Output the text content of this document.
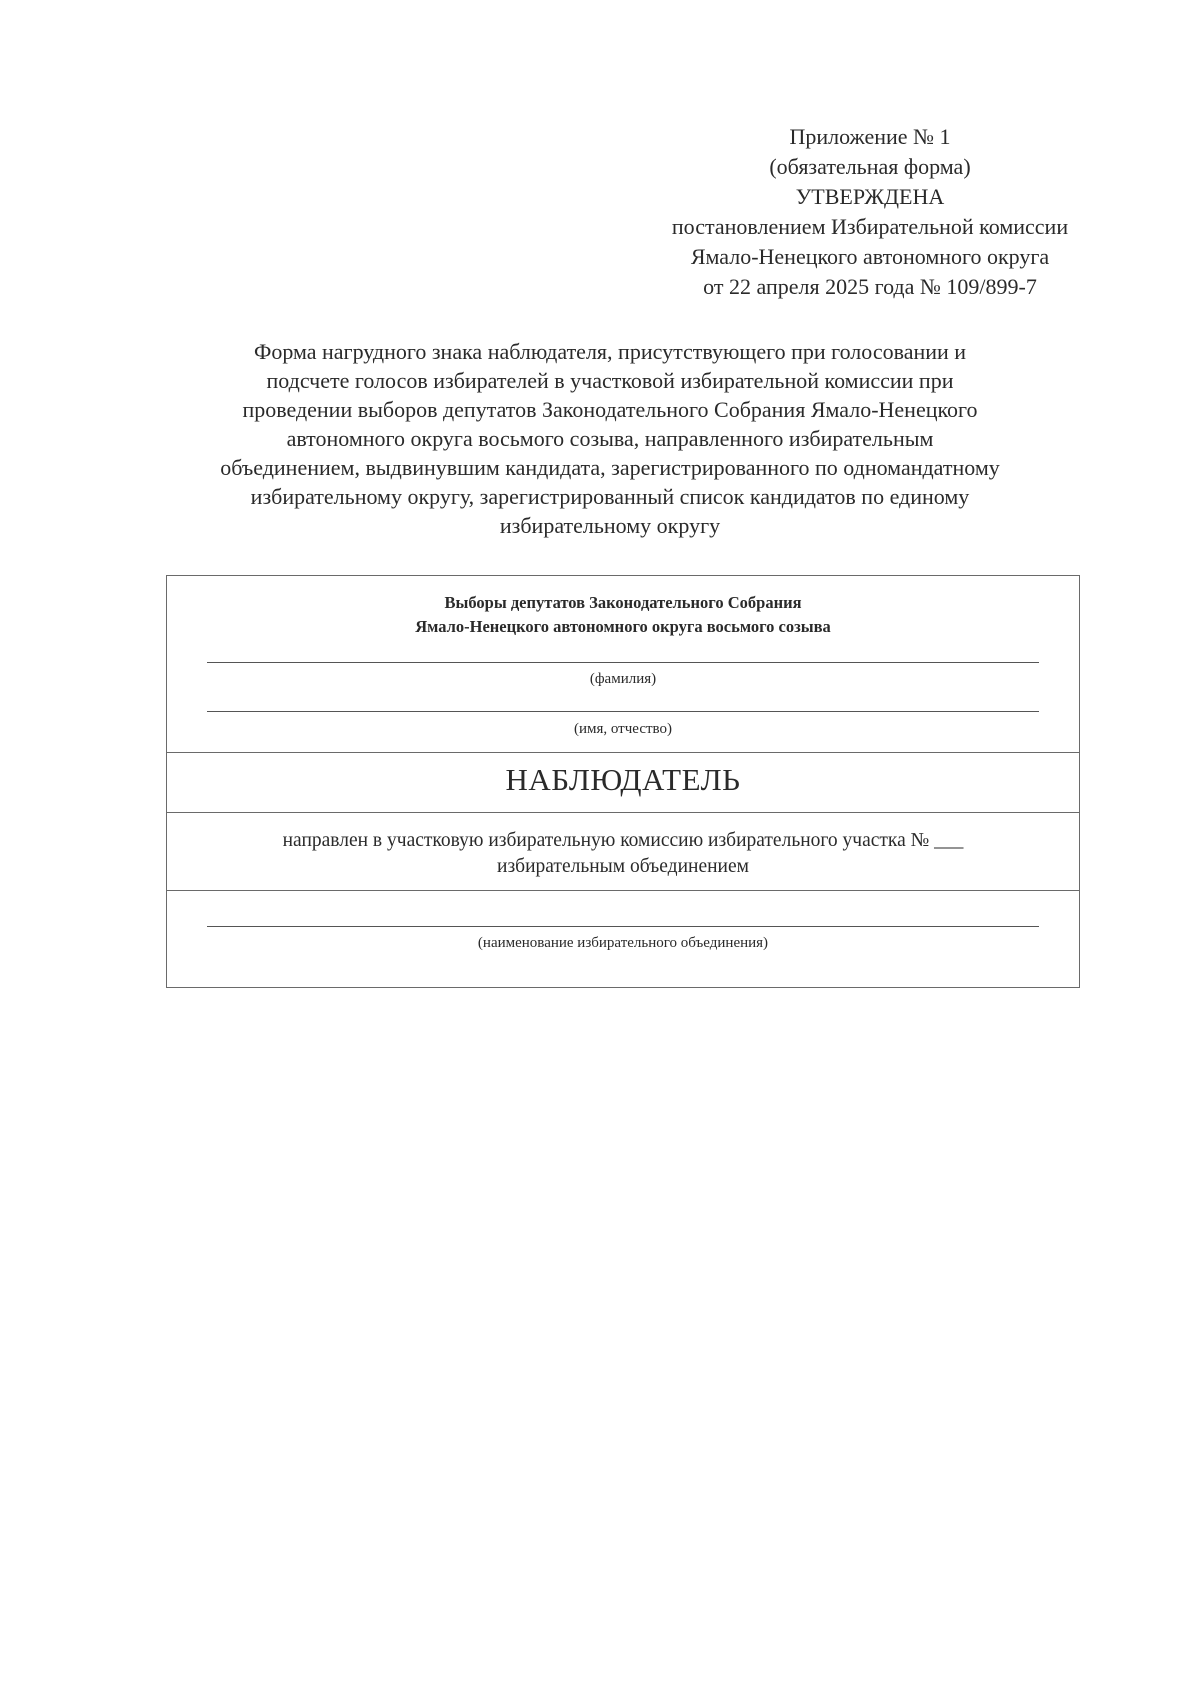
Приложение № 1
(обязательная форма)
УТВЕРЖДЕНА
постановлением Избирательной комиссии
Ямало-Ненецкого автономного округа
от 22 апреля 2025 года № 109/899-7
Форма нагрудного знака наблюдателя, присутствующего при голосовании и
подсчете голосов избирателей в участковой избирательной комиссии при
проведении выборов депутатов Законодательного Собрания Ямало-Ненецкого
автономного округа восьмого созыва, направленного избирательным
объединением, выдвинувшим кандидата, зарегистрированного по одномандатному
избирательному округу, зарегистрированный список кандидатов по единому
избирательному округу
Выборы депутатов Законодательного Собрания
Ямало-Ненецкого автономного округа восьмого созыва
(фамилия)
(имя, отчество)
НАБЛЮДАТЕЛЬ
направлен в участковую избирательную комиссию избирательного участка № ___
избирательным объединением
(наименование избирательного объединения)
